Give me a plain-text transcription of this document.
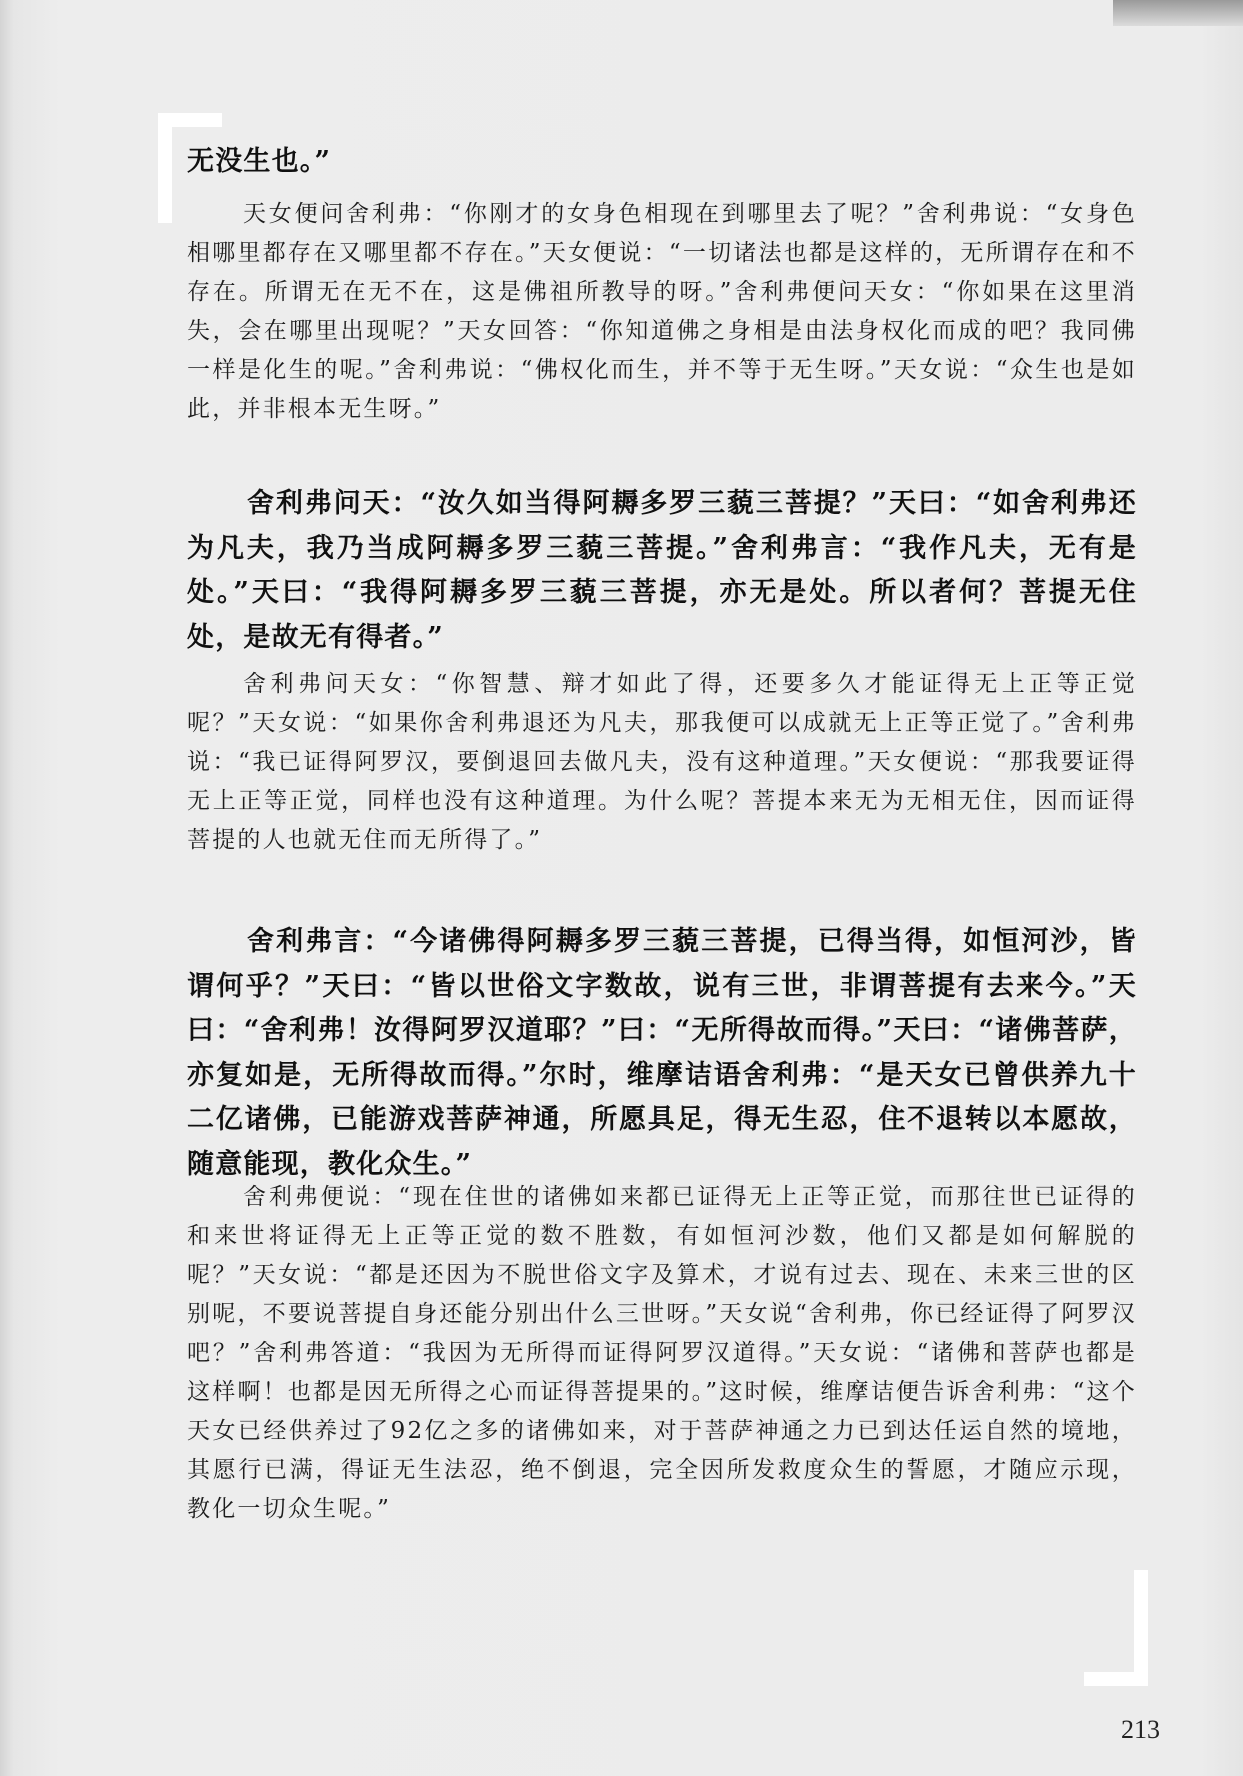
无没生也。”

天女便问舍利弗：“你刚才的女身色相现在到哪里去了呢？”舍利弗说：“女身色相哪里都存在又哪里都不存在。”天女便说：“一切诸法也都是这样的，无所谓存在和不存在。所谓无在无不在，这是佛祖所教导的呀。”舍利弗便问天女：“你如果在这里消失，会在哪里出现呢？”天女回答：“你知道佛之身相是由法身权化而成的吧？我同佛一样是化生的呢。”舍利弗说：“佛权化而生，并不等于无生呀。”天女说：“众生也是如此，并非根本无生呀。”

舍利弗问天：“汝久如当得阿耨多罗三藐三菩提？”天曰：“如舍利弗还为凡夫，我乃当成阿耨多罗三藐三菩提。”舍利弗言：“我作凡夫，无有是处。”天曰：“我得阿耨多罗三藐三菩提，亦无是处。所以者何？菩提无住处，是故无有得者。”

舍利弗问天女：“你智慧、辩才如此了得，还要多久才能证得无上正等正觉呢？”天女说：“如果你舍利弗退还为凡夫，那我便可以成就无上正等正觉了。”舍利弗说：“我已证得阿罗汉，要倒退回去做凡夫，没有这种道理。”天女便说：“那我要证得无上正等正觉，同样也没有这种道理。为什么呢？菩提本来无为无相无住，因而证得菩提的人也就无住而无所得了。”

舍利弗言：“今诸佛得阿耨多罗三藐三菩提，已得当得，如恒河沙，皆谓何乎？”天曰：“皆以世俗文字数故，说有三世，非谓菩提有去来今。”天曰：“舍利弗！汝得阿罗汉道耶？”曰：“无所得故而得。”天曰：“诸佛菩萨，亦复如是，无所得故而得。”尔时，维摩诘语舍利弗：“是天女已曾供养九十二亿诸佛，已能游戏菩萨神通，所愿具足，得无生忍，住不退转以本愿故，随意能现，教化众生。”

舍利弗便说：“现在住世的诸佛如来都已证得无上正等正觉，而那往世已证得的和来世将证得无上正等正觉的数不胜数，有如恒河沙数，他们又都是如何解脱的呢？”天女说：“都是还因为不脱世俗文字及算术，才说有过去、现在、未来三世的区别呢，不要说菩提自身还能分别出什么三世呀。”天女说“舍利弗，你已经证得了阿罗汉吧？”舍利弗答道：“我因为无所得而证得阿罗汉道得。”天女说：“诸佛和菩萨也都是这样啊！也都是因无所得之心而证得菩提果的。”这时候，维摩诘便告诉舍利弗：“这个天女已经供养过了92亿之多的诸佛如来，对于菩萨神通之力已到达任运自然的境地，其愿行已满，得证无生法忍，绝不倒退，完全因所发救度众生的誓愿，才随应示现，教化一切众生呢。”

213
